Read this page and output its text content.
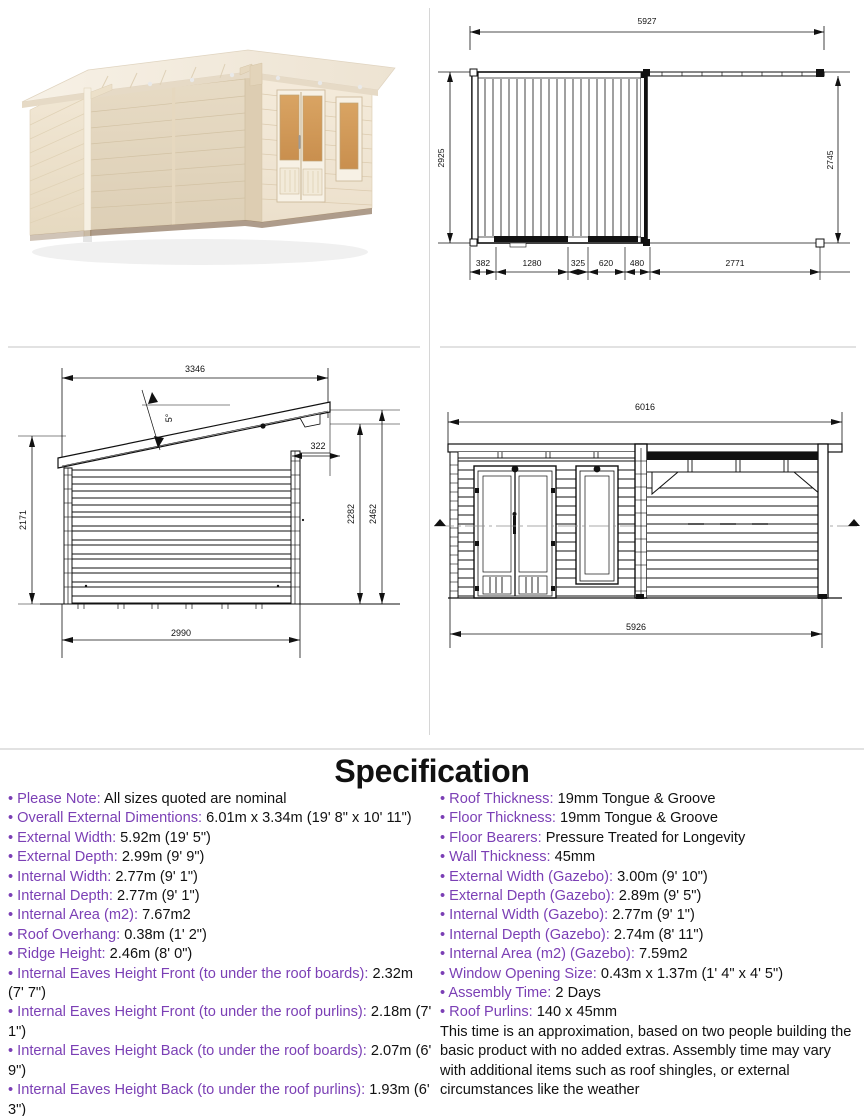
5927
2925	2745
382	1280	325 620 480	2771
3346
5°
2171	2282 2462
322
2990
6016
5926
Specification
• Please Note: All sizes quoted are nominal
• Overall External Dimentions: 6.01m x 3.34m (19' 8" x 10' 11")
• External Width: 5.92m (19' 5")
• External Depth: 2.99m (9' 9")
• Internal Width: 2.77m (9' 1")
• Internal Depth: 2.77m (9' 1")
• Internal Area (m2): 7.67m2
• Roof Overhang: 0.38m (1' 2")
• Ridge Height: 2.46m (8' 0")
• Internal Eaves Height Front (to under the roof boards): 2.32m (7' 7")
• Internal Eaves Height Front (to under the roof purlins): 2.18m (7' 1")
• Internal Eaves Height Back (to under the roof boards): 2.07m (6' 9")
• Internal Eaves Height Back (to under the roof purlins): 1.93m (6' 3")
• Roof Thickness: 19mm Tongue & Groove
• Floor Thickness: 19mm Tongue & Groove
• Floor Bearers: Pressure Treated for Longevity
• Wall Thickness: 45mm
• External Width (Gazebo): 3.00m (9' 10")
• External Depth (Gazebo): 2.89m (9' 5")
• Internal Width (Gazebo): 2.77m (9' 1")
• Internal Depth (Gazebo): 2.74m (8' 11")
• Internal Area (m2) (Gazebo): 7.59m2
• Window Opening Size: 0.43m x 1.37m (1' 4" x 4' 5")
• Assembly Time: 2 Days
• Roof Purlins: 140 x 45mm
This time is an approximation, based on two people building the basic product with no added extras. Assembly time may vary with additional items such as roof shingles, or external circumstances like the weather
